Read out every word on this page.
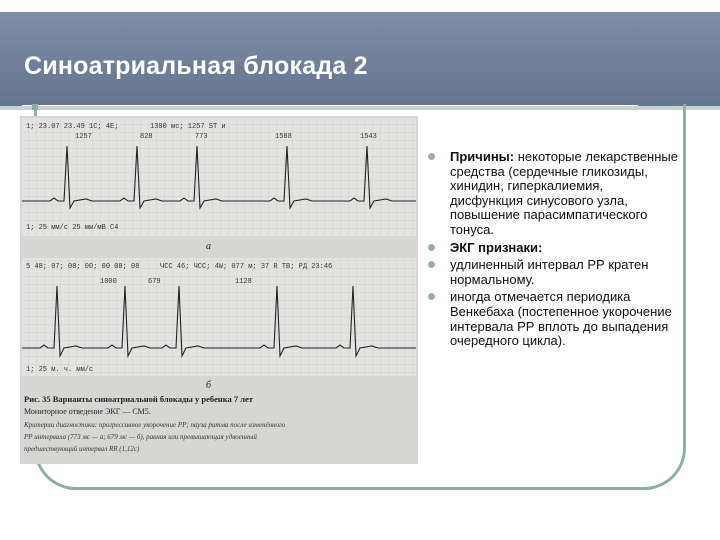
Синоатриальная блокада 2
1; 23.07 23.49 1C; 4E;	1300 мс; 1257 ST и
1257	828	773	1588	1543
1; 25 мм/с 25 мм/мВ С4
а
5 48; 07; 08; 00; 00 08; 08	ЧСС 46; ЧСС; 4W; 077 м; 37 R ТВ; РД 23:46
1000	679	1128
1; 25 м. ч. мм/с
б
Рис. 35 Варианты синоатриальной блокады у ребенка 7 лет
Мониторное отведение ЭКГ — СМ5.
Критерии диагностики: прогрессивное укорочение РР; пауза ритма после изменённого
РР интервала (773 мс — а; 679 мс — б), равная или превышающая удвоенный
предшествующий интервал RR (1,12с)
Причины: некоторые лекарственные средства (сердечные гликозиды, хинидин, гиперкалиемия, дисфункция синусового узла, повышение парасимпатического тонуса.
ЭКГ признаки:
удлиненный интервал РР кратен нормальному.
иногда отмечается периодика Венкебаха (постепенное укорочение интервала РР вплоть до выпадения очередного цикла).
